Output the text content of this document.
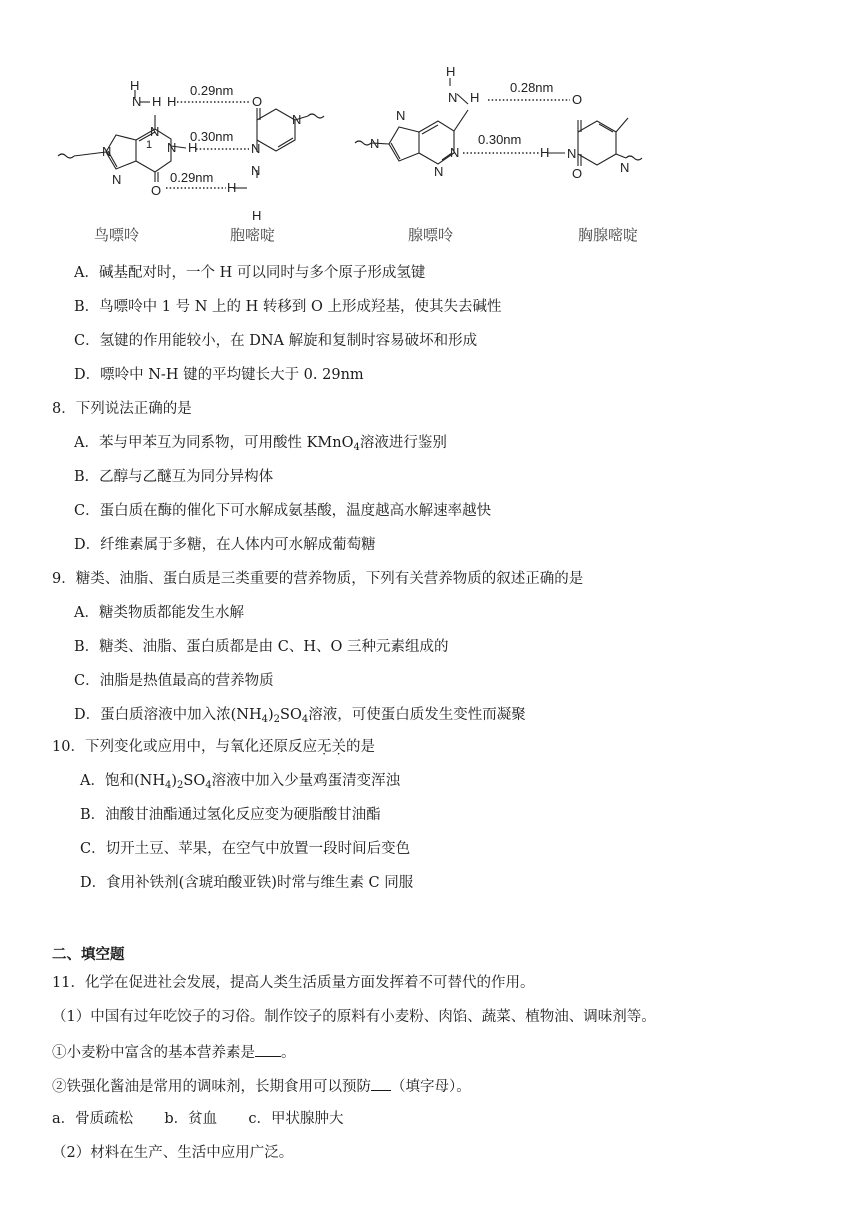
H
N H H
N
N H
O
N
N
O
N
N
H
N
H
H
N H
N
N
N
N
O
H N
O	N
0.29nm
0.30nm
0.29nm
1
0.28nm
0.30nm
鸟嘌呤	胞嘧啶	腺嘌呤	胸腺嘧啶
A．碱基配对时，一个 H 可以同时与多个原子形成氢键
B．鸟嘌呤中 1 号 N 上的 H 转移到 O 上形成羟基，使其失去碱性
C．氢键的作用能较小，在 DNA 解旋和复制时容易破坏和形成
D．嘌呤中 N-H 键的平均键长大于 0. 29nm
8．下列说法正确的是
A．苯与甲苯互为同系物，可用酸性 KMnO$_4$溶液进行鉴别
B．乙醇与乙醚互为同分异构体
C．蛋白质在酶的催化下可水解成氨基酸，温度越高水解速率越快
D．纤维素属于多糖，在人体内可水解成葡萄糖
9．糖类、油脂、蛋白质是三类重要的营养物质，下列有关营养物质的叙述正确的是
A．糖类物质都能发生水解
B．糖类、油脂、蛋白质都是由 C、H、O 三种元素组成的
C．油脂是热值最高的营养物质
D．蛋白质溶液中加入浓$(NH_4)_2SO_4$溶液，可使蛋白质发生变性而凝聚
10．下列变化或应用中，与氧化还原反应无关的是
A．饱和$(NH_4)_2SO_4$溶液中加入少量鸡蛋清变浑浊
B．油酸甘油酯通过氢化反应变为硬脂酸甘油酯
C．切开土豆、苹果，在空气中放置一段时间后变色
D．食用补铁剂(含琥珀酸亚铁)时常与维生素 C 同服
二、填空题
11．化学在促进社会发展，提高人类生活质量方面发挥着不可替代的作用。
（1）中国有过年吃饺子的习俗。制作饺子的原料有小麦粉、肉馅、蔬菜、植物油、调味剂等。
①小麦粉中富含的基本营养素是 。
②铁强化酱油是常用的调味剂，长期食用可以预防 （填字母）。
a．骨质疏松 b．贫血 c．甲状腺肿大
（2）材料在生产、生活中应用广泛。
